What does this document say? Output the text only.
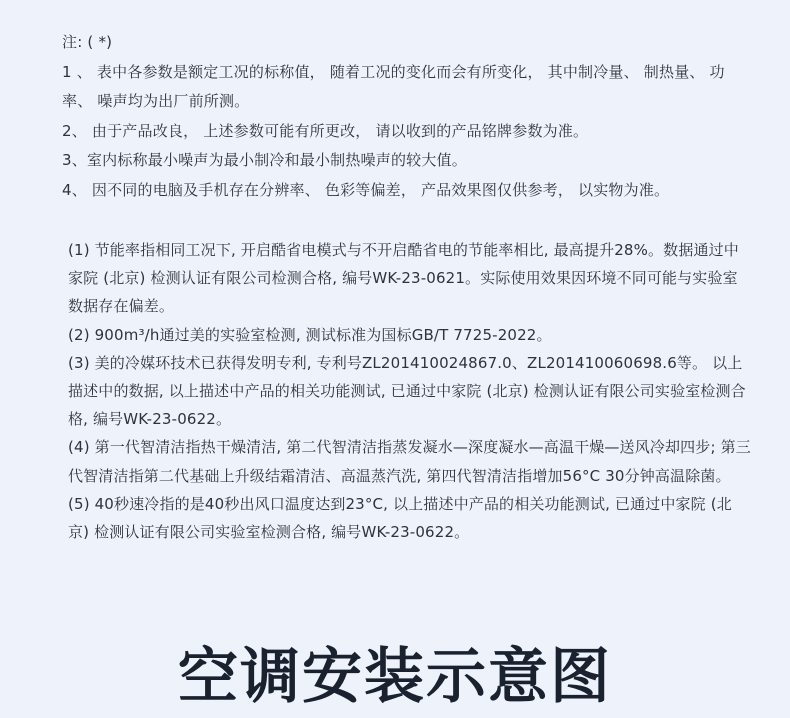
注: ( *)

1 、 表中各参数是额定工况的标称值， 随着工况的变化而会有所变化， 其中制冷量、 制热量、 功率、 噪声均为出厂前所测。

2、 由于产品改良， 上述参数可能有所更改， 请以收到的产品铭牌参数为准。

3、室内标称最小噪声为最小制冷和最小制热噪声的较大值。

4、 因不同的电脑及手机存在分辨率、 色彩等偏差， 产品效果图仅供参考， 以实物为准。

(1) 节能率指相同工况下, 开启酷省电模式与不开启酷省电的节能率相比, 最高提升28%。数据通过中家院 (北京) 检测认证有限公司检测合格, 编号WK-23-0621。实际使用效果因环境不同可能与实验室数据存在偏差。

(2) 900m³/h通过美的实验室检测, 测试标准为国标GB/T 7725-2022。

(3) 美的冷媒环技术已获得发明专利, 专利号ZL201410024867.0、ZL201410060698.6等。 以上描述中的数据, 以上描述中产品的相关功能测试, 已通过中家院 (北京) 检测认证有限公司实验室检测合格, 编号WK-23-0622。

(4) 第一代智清洁指热干燥清洁, 第二代智清洁指蒸发凝水—深度凝水—高温干燥—送风冷却四步; 第三代智清洁指第二代基础上升级结霜清洁、高温蒸汽洗, 第四代智清洁指增加56°C 30分钟高温除菌。

(5) 40秒速冷指的是40秒出风口温度达到23°C, 以上描述中产品的相关功能测试, 已通过中家院 (北京) 检测认证有限公司实验室检测合格, 编号WK-23-0622。

空调安装示意图
